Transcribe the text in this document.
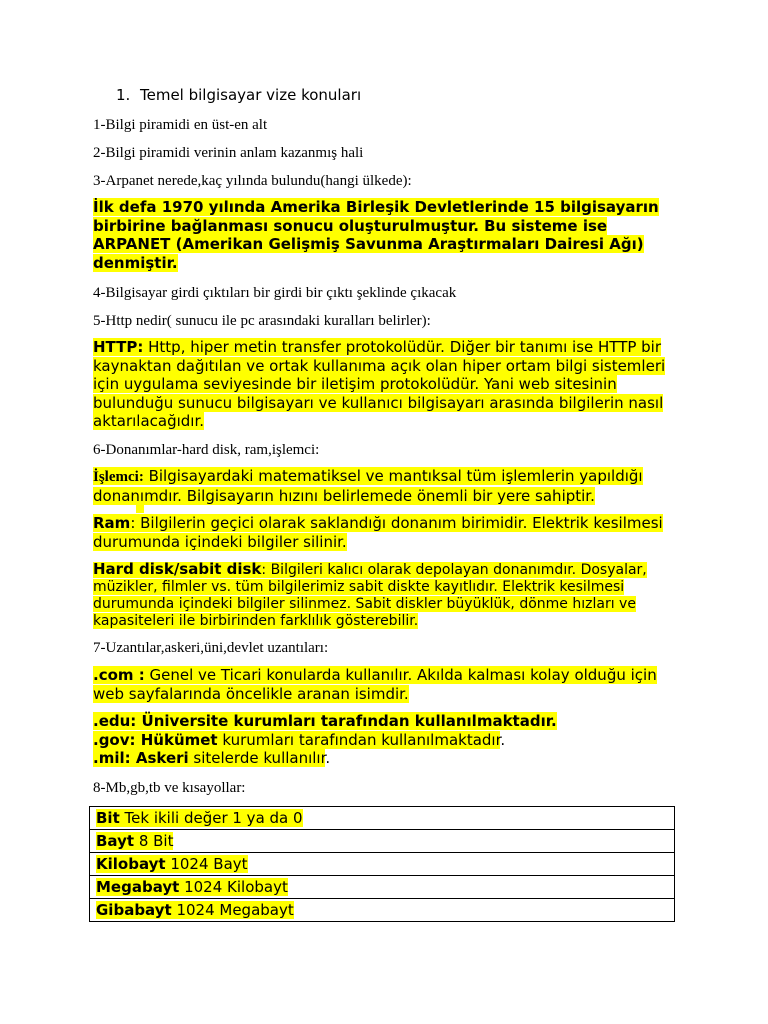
1. Temel bilgisayar vize konuları

1-Bilgi piramidi en üst-en alt

2-Bilgi piramidi verinin anlam kazanmış hali

3-Arpanet nerede,kaç yılında bulundu(hangi ülkede):

İlk defa 1970 yılında Amerika Birleşik Devletlerinde 15 bilgisayarın birbirine bağlanması sonucu oluşturulmuştur. Bu sisteme ise ARPANET (Amerikan Gelişmiş Savunma Araştırmaları Dairesi Ağı) denmiştir.

4-Bilgisayar girdi çıktıları bir girdi bir çıktı şeklinde çıkacak

5-Http nedir( sunucu ile pc arasındaki kuralları belirler):

HTTP: Http, hiper metin transfer protokolüdür. Diğer bir tanımı ise HTTP bir kaynaktan dağıtılan ve ortak kullanıma açık olan hiper ortam bilgi sistemleri için uygulama seviyesinde bir iletişim protokolüdür. Yani web sitesinin bulunduğu sunucu bilgisayarı ve kullanıcı bilgisayarı arasında bilgilerin nasıl aktarılacağıdır.

6-Donanımlar-hard disk, ram,işlemci:

İşlemci: Bilgisayardaki matematiksel ve mantıksal tüm işlemlerin yapıldığı donanımdır. Bilgisayarın hızını belirlemede önemli bir yere sahiptir.

Ram: Bilgilerin geçici olarak saklandığı donanım birimidir. Elektrik kesilmesi durumunda içindeki bilgiler silinir.

Hard disk/sabit disk: Bilgileri kalıcı olarak depolayan donanımdır. Dosyalar, müzikler, filmler vs. tüm bilgilerimiz sabit diskte kayıtlıdır. Elektrik kesilmesi durumunda içindeki bilgiler silinmez. Sabit diskler büyüklük, dönme hızları ve kapasiteleri ile birbirinden farklılık gösterebilir.

7-Uzantılar,askeri,üni,devlet uzantıları:

.com : Genel ve Ticari konularda kullanılır. Akılda kalması kolay olduğu için web sayfalarında öncelikle aranan isimdir.

.edu: Üniversite kurumları tarafından kullanılmaktadır.
.gov: Hükümet kurumları tarafından kullanılmaktadır.
.mil: Askeri sitelerde kullanılır.

8-Mb,gb,tb ve kısayollar:

Bit Tek ikili değer 1 ya da 0
Bayt 8 Bit
Kilobayt 1024 Bayt
Megabayt 1024 Kilobayt
Gibabayt 1024 Megabayt
